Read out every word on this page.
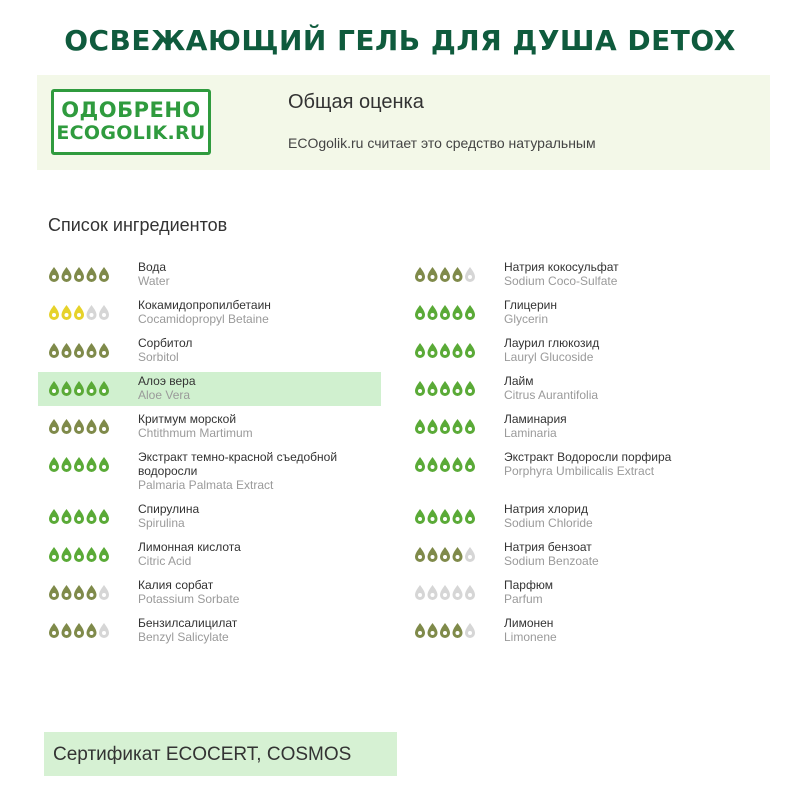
ОСВЕЖАЮЩИЙ ГЕЛЬ ДЛЯ ДУША DETOX
ОДОБРЕНО
ECOGOLIK.RU
Общая оценка
ECOgolik.ru считает это средство натуральным
Список ингредиентов
Вода
Water
Кокамидопропилбетаин
Cocamidopropyl Betaine
Сорбитол
Sorbitol
Алоэ вера
Aloe Vera
Критмум морской
Chtithmum Martimum
Экстракт темно-красной съедобной
водоросли
Palmaria Palmata Extract
Спирулина
Spirulina
Лимонная кислота
Citric Acid
Калия сорбат
Potassium Sorbate
Бензилсалицилат
Benzyl Salicylate
Натрия кокосульфат
Sodium Coco-Sulfate
Глицерин
Glycerin
Лаурил глюкозид
Lauryl Glucoside
Лайм
Citrus Aurantifolia
Ламинария
Laminaria
Экстракт Водоросли порфира
Porphyra Umbilicalis Extract
Натрия хлорид
Sodium Chloride
Натрия бензоат
Sodium Benzoate
Парфюм
Parfum
Лимонен
Limonene
Сертификат ECOCERT, COSMOS
